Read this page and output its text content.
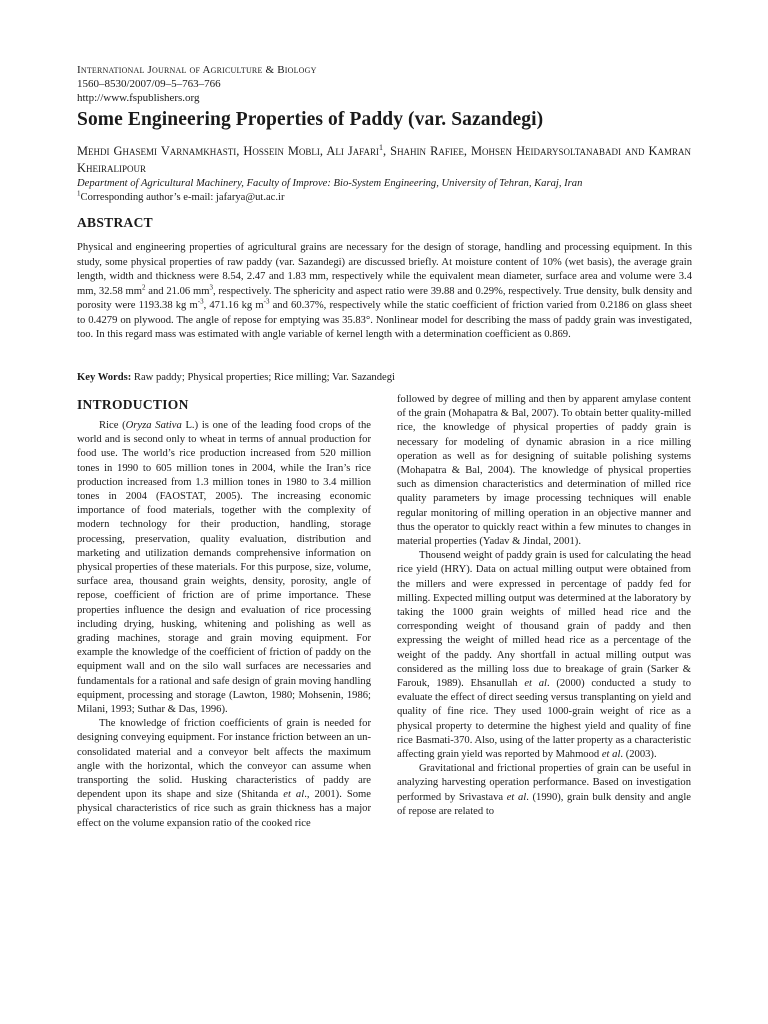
International Journal of Agriculture & Biology
1560–8530/2007/09–5–763–766
http://www.fspublishers.org
Some Engineering Properties of Paddy (var. Sazandegi)
Mehdi Ghasemi Varnamkhasti, Hossein Mobli, Ali Jafari$^1$, Shahin Rafiee, Mohsen Heidarysoltanabadi and Kamran Kheiralipour
Department of Agricultural Machinery, Faculty of Improve: Bio-System Engineering, University of Tehran, Karaj, Iran
$^1$Corresponding author’s e-mail: jafarya@ut.ac.ir
ABSTRACT
Physical and engineering properties of agricultural grains are necessary for the design of storage, handling and processing equipment. In this study, some physical properties of raw paddy (var. Sazandegi) are discussed briefly. At moisture content of 10% (wet basis), the average grain length, width and thickness were 8.54, 2.47 and 1.83 mm, respectively while the equivalent mean diameter, surface area and volume were 3.4 mm, 32.58 $mm^2$ and 21.06 $mm^3$, respectively. The sphericity and aspect ratio were 39.88 and 0.29%, respectively. True density, bulk density and porosity were 1193.38 kg $m^{-3}$, 471.16 kg $m^{-3}$ and 60.37%, respectively while the static coefficient of friction varied from 0.2186 on glass sheet to 0.4279 on plywood. The angle of repose for emptying was 35.83°. Nonlinear model for describing the mass of paddy grain was investigated, too. In this regard mass was estimated with angle variable of kernel length with a determination coefficient as 0.869.
Key Words: Raw paddy; Physical properties; Rice milling; Var. Sazandegi
INTRODUCTION

Rice (Oryza Sativa L.) is one of the leading food crops of the world and is second only to wheat in terms of annual production for food use. The world’s rice production increased from 520 million tones in 1990 to 605 million tones in 2004, while the Iran’s rice production increased from 1.3 million tones in 1980 to 3.4 million tones in 2004 (FAOSTAT, 2005). The increasing economic importance of food materials, together with the complexity of modern technology for their production, handling, storage processing, preservation, quality evaluation, distribution and marketing and utilization demands comprehensive information on physical properties of these materials. For this purpose, size, volume, surface area, thousand grain weights, density, porosity, angle of repose, coefficient of friction are of prime importance. These properties influence the design and evaluation of rice processing including drying, husking, whitening and polishing as well as grading machines, storage and grain moving equipment. For example the knowledge of the coefficient of friction of paddy on the equipment wall and on the silo wall surfaces are necessaries and fundamentals for a rational and safe design of grain moving handling equipment, processing and storage (Lawton, 1980; Mohsenin, 1986; Milani, 1993; Suthar & Das, 1996).

The knowledge of friction coefficients of grain is needed for designing conveying equipment. For instance friction between an un-consolidated material and a conveyor belt affects the maximum angle with the horizontal, which the conveyor can assume when transporting the solid. Husking characteristics of paddy are dependent upon its shape and size (Shitanda et al., 2001). Some physical characteristics of rice such as grain thickness has a major effect on the volume expansion ratio of the cooked rice

followed by degree of milling and then by apparent amylase content of the grain (Mohapatra & Bal, 2007). To obtain better quality-milled rice, the knowledge of physical properties of paddy grain is necessary for modeling of dynamic abrasion in a rice milling operation as well as for designing of suitable polishing systems (Mohapatra & Bal, 2004). The knowledge of physical properties such as dimension characteristics and determination of milled rice quality parameters by image processing techniques will enable regular monitoring of milling operation in an objective manner and thus the operator to quickly react within a few minutes to changes in material properties (Yadav & Jindal, 2001).

Thousend weight of paddy grain is used for calculating the head rice yield (HRY). Data on actual milling output were obtained from the millers and were expressed in percentage of paddy fed for milling. Expected milling output was determined at the laboratory by taking the 1000 grain weights of milled head rice and the corresponding weight of thousand grain of paddy and then expressing the weight of milled head rice as a percentage of the weight of the paddy. Any shortfall in actual milling output was considered as the milling loss due to breakage of grain (Sarker & Farouk, 1989). Ehsanullah et al. (2000) conducted a study to evaluate the effect of direct seeding versus transplanting on yield and quality of fine rice. They used 1000-grain weight of rice as a physical property to determine the highest yield and quality of fine rice Basmati-370. Also, using of the latter property as a characteristic affecting grain yield was reported by Mahmood et al. (2003).

Gravitational and frictional properties of grain can be useful in analyzing harvesting operation performance. Based on investigation performed by Srivastava et al. (1990), grain bulk density and angle of repose are related to
